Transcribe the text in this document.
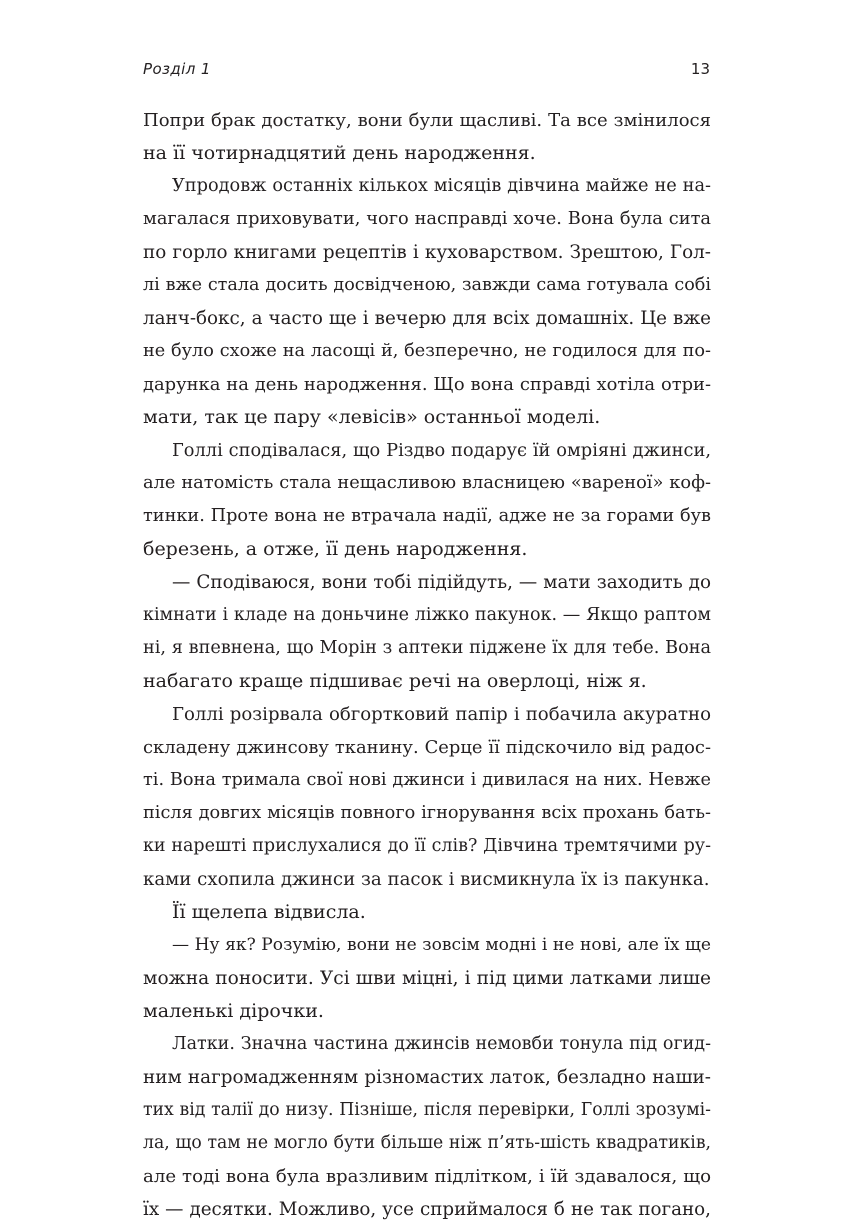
Розділ 1	13
Попри брак достатку, вони були щасливі. Та все змінилося
на її чотирнадцятий день народження.
Упродовж останніх кількох місяців дівчина майже не на-
магалася приховувати, чого насправді хоче. Вона була сита
по горло книгами рецептів і куховарством. Зрештою, Гол-
лі вже стала досить досвідченою, завжди сама готувала собі
ланч-бокс, а часто ще і вечерю для всіх домашніх. Це вже
не було схоже на ласощі й, безперечно, не годилося для по-
дарунка на день народження. Що вона справді хотіла отри-
мати, так це пару «левісів» останньої моделі.
Голлі сподівалася, що Різдво подарує їй омріяні джинси,
але натомість стала нещасливою власницею «вареної» коф-
тинки. Проте вона не втрачала надії, адже не за горами був
березень, а отже, її день народження.
— Сподіваюся, вони тобі підійдуть, — мати заходить до
кімнати і кладе на доньчине ліжко пакунок. — Якщо раптом
ні, я впевнена, що Морін з аптеки піджене їх для тебе. Вона
набагато краще підшиває речі на оверлоці, ніж я.
Голлі розірвала обгортковий папір і побачила акуратно
складену джинсову тканину. Серце її підскочило від радос-
ті. Вона тримала свої нові джинси і дивилася на них. Невже
після довгих місяців повного ігнорування всіх прохань бать-
ки нарешті прислухалися до її слів? Дівчина тремтячими ру-
ками схопила джинси за пасок і висмикнула їх із пакунка.
Її щелепа відвисла.
— Ну як? Розумію, вони не зовсім модні і не нові, але їх ще
можна поносити. Усі шви міцні, і під цими латками лише
маленькі дірочки.
Латки. Значна частина джинсів немовби тонула під огид-
ним нагромадженням різномастих латок, безладно наши-
тих від талії до низу. Пізніше, після перевірки, Голлі зрозумі-
ла, що там не могло бути більше ніж п’ять-шість квадратиків,
але тоді вона була вразливим підлітком, і їй здавалося, що
їх — десятки. Можливо, усе сприймалося б не так погано,
